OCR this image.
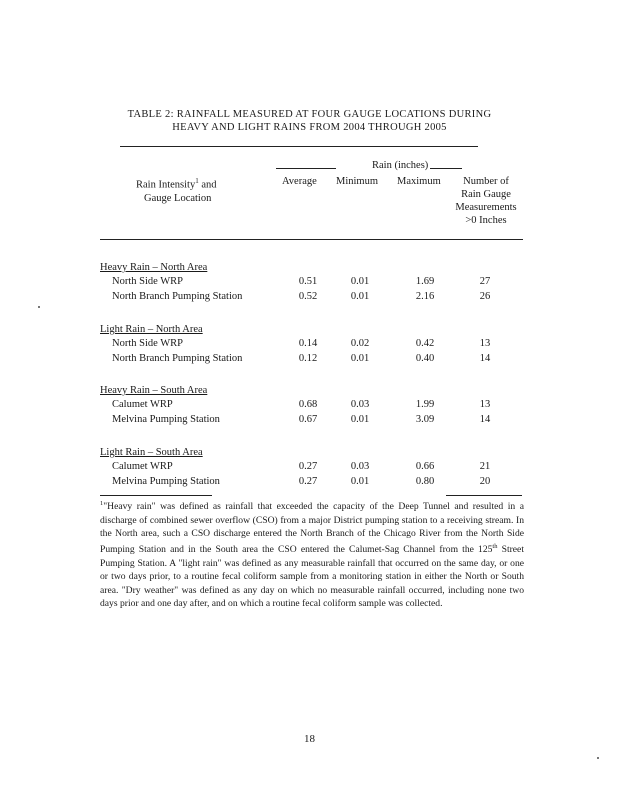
TABLE 2: RAINFALL MEASURED AT FOUR GAUGE LOCATIONS DURING
HEAVY AND LIGHT RAINS FROM 2004 THROUGH 2005
Rain (inches)
Rain Intensity$^1$ and
Gauge Location
Average Minimum Maximum	Number of
Rain Gauge
Measurements
>0 Inches
Heavy Rain – North Area
North Side WRP	0.51	0.01	1.69	27
North Branch Pumping Station	0.52	0.01	2.16	26
Light Rain – North Area
North Side WRP	0.14	0.02	0.42	13
North Branch Pumping Station	0.12	0.01	0.40	14
Heavy Rain – South Area
Calumet WRP	0.68	0.03	1.99	13
Melvina Pumping Station	0.67	0.01	3.09	14
Light Rain – South Area
Calumet WRP	0.27	0.03	0.66	21
Melvina Pumping Station	0.27	0.01	0.80	20
$^1$"Heavy rain" was defined as rainfall that exceeded the capacity of the Deep Tunnel and resulted in a discharge of combined sewer overflow (CSO) from a major District pumping station to a receiving stream. In the North area, such a CSO discharge entered the North Branch of the Chicago River from the North Side Pumping Station and in the South area the CSO entered the Calumet-Sag Channel from the 125th Street Pumping Station. A "light rain" was defined as any measurable rainfall that occurred on the same day, or one or two days prior, to a routine fecal coliform sample from a monitoring station in either the North or South area. "Dry weather" was defined as any day on which no measurable rainfall occurred, including none two days prior and one day after, and on which a routine fecal coliform sample was collected.
18
